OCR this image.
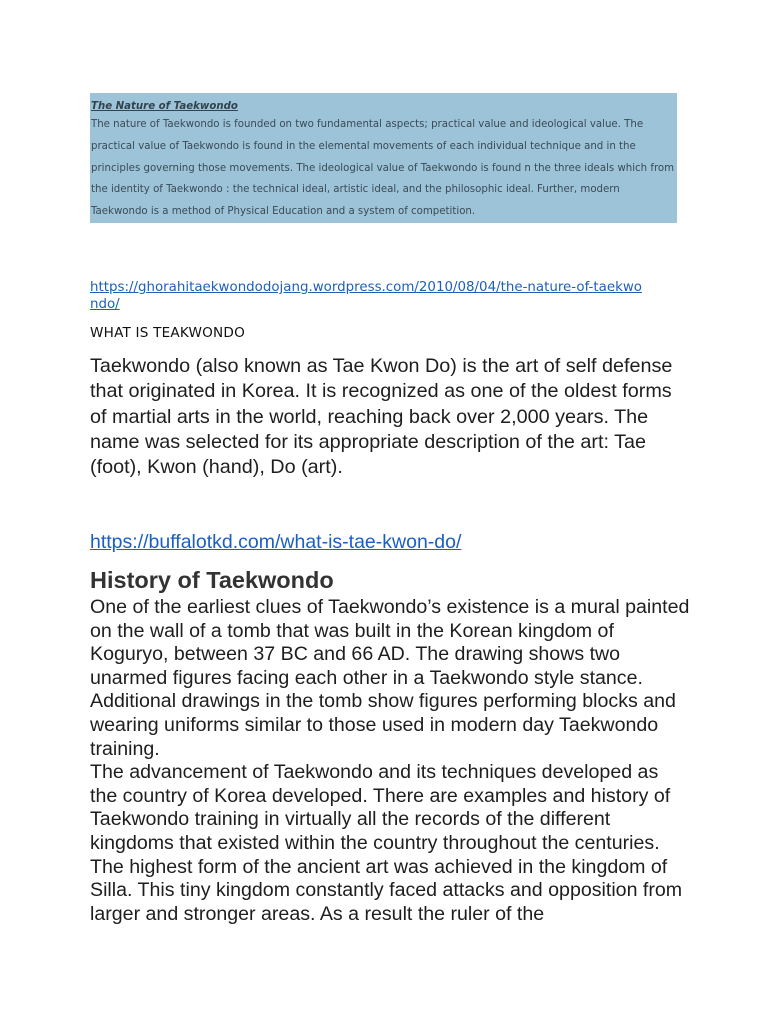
The Nature of Taekwondo
The nature of Taekwondo is founded on two fundamental aspects; practical value and ideological value. The practical value of Taekwondo is found in the elemental movements of each individual technique and in the principles governing those movements. The ideological value of Taekwondo is found n the three ideals which from the identity of Taekwondo : the technical ideal, artistic ideal, and the philosophic ideal. Further, modern Taekwondo is a method of Physical Education and a system of competition.
https://ghorahitaekwondodojang.wordpress.com/2010/08/04/the-nature-of-taekwondo/
WHAT IS TEAKWONDO
Taekwondo (also known as Tae Kwon Do) is the art of self defense that originated in Korea. It is recognized as one of the oldest forms of martial arts in the world, reaching back over 2,000 years. The name was selected for its appropriate description of the art: Tae (foot), Kwon (hand), Do (art).
https://buffalotkd.com/what-is-tae-kwon-do/
History of Taekwondo

One of the earliest clues of Taekwondo’s existence is a mural painted on the wall of a tomb that was built in the Korean kingdom of Koguryo, between 37 BC and 66 AD. The drawing shows two unarmed figures facing each other in a Taekwondo style stance. Additional drawings in the tomb show figures performing blocks and wearing uniforms similar to those used in modern day Taekwondo training.

The advancement of Taekwondo and its techniques developed as the country of Korea developed. There are examples and history of Taekwondo training in virtually all the records of the different kingdoms that existed within the country throughout the centuries. The highest form of the ancient art was achieved in the kingdom of Silla. This tiny kingdom constantly faced attacks and opposition from larger and stronger areas. As a result the ruler of the
